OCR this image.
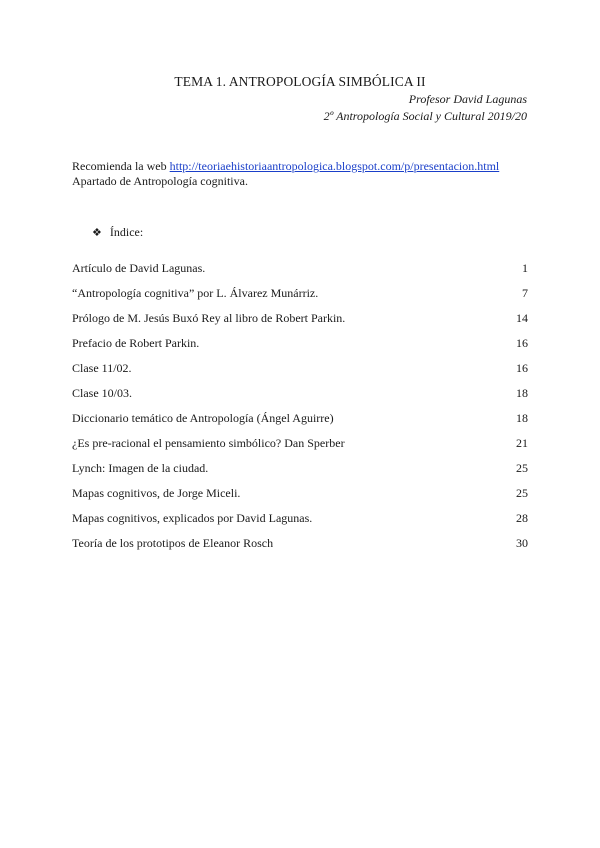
TEMA 1. ANTROPOLOGÍA SIMBÓLICA II
Profesor David Lagunas
2º Antropología Social y Cultural 2019/20
Recomienda la web http://teoriaehistoriaantropologica.blogspot.com/p/presentacion.html
Apartado de Antropología cognitiva.
❖ Índice:
Artículo de David Lagunas.	1
“Antropología cognitiva” por L. Álvarez Munárriz.	7
Prólogo de M. Jesús Buxó Rey al libro de Robert Parkin.	14
Prefacio de Robert Parkin.	16
Clase 11/02.	16
Clase 10/03.	18
Diccionario temático de Antropología (Ángel Aguirre)	18
¿Es pre-racional el pensamiento simbólico? Dan Sperber	21
Lynch: Imagen de la ciudad.	25
Mapas cognitivos, de Jorge Miceli.	25
Mapas cognitivos, explicados por David Lagunas.	28
Teoría de los prototipos de Eleanor Rosch	30
